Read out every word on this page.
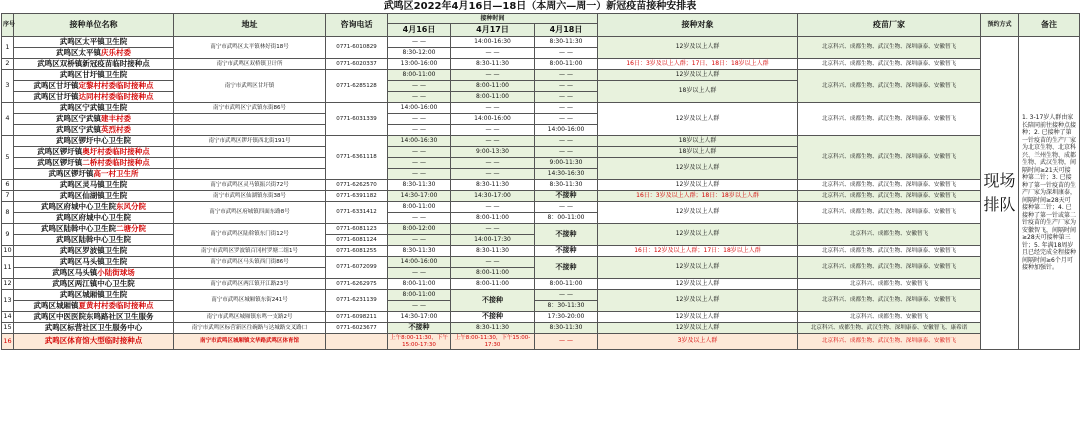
武鸣区2022年4月16日—18日（本周六—周一）新冠疫苗接种安排表
序号	接种单位名称	地址	咨询电话	接种时间			接种对象	疫苗厂家	预约方式	备注
				4月16日	4月17日	4月18日				
1	武鸣区太平镇卫生院	南宁市武鸣区太平镇林好街18号	0771-6010829	— —	14:00-16:30	8:30-11:30	12岁及以上人群	北京科兴、成都生物、武汉生物、深圳康泰、安徽智飞	现场排队	1. 3-17岁人群由家长陪同前往接种点接种；2. 已接种了第一针疫苗的生产厂家为北京生物、北京科兴、兰州生物、成都生物、武汉生物，间隔时间≥21天可接种第二针；3. 已接种了第一针疫苗的生产厂家为深圳康泰，间隔时间≥28天可接种第二针；4. 已接种了第一针或第二针疫苗的生产厂家为安徽智飞，间隔时间≥28天可接种第三针；5. 年满18周岁且已经完成全程接种间隔时间≥6个月可接种加强针。
	武鸣区太平镇庆乐村委			8:30-12:00	— —	— —				
2	武鸣区双桥镇新冠疫苗临时接种点	南宁市武鸣区双桥镇卫计所	0771-6020337	13:00-16:00	8:30-11:30	8:00-11:00	16日：3岁及以上人群；17日、18日：18岁以上人群	北京科兴、成都生物、武汉生物、深圳康泰、安徽智飞		
3	武鸣区甘圩镇卫生院	南宁市武鸣区甘圩镇	0771-6285128	8:00-11:00	— —	— —	12岁及以上人群	北京科兴、成都生物、武汉生物、深圳康泰、安徽智飞		
	武鸣区甘圩镇定黎村村委临时接种点			— —	8:00-11:00	— —	18岁以上人群			
	武鸣区甘圩镇达同村村委临时接种点			— —	8:00-11:00	— —				
4	武鸣区宁武镇卫生院	南宁市武鸣区宁武镇东街86号	0771-6031339	14:00-16:00	— —	— —	12岁及以上人群	北京科兴、成都生物、武汉生物、深圳康泰、安徽智飞		
	武鸣区宁武镇建丰村委			— —	14:00-16:00	— —				
	武鸣区宁武镇英烈村委			— —	— —	14:00-16:00				
5	武鸣区锣圩中心卫生院	南宁市武鸣区锣圩镇西北街191号	0771-6361118	14:00-16:30	— —	— —	18岁以上人群	北京科兴、成都生物、武汉生物、深圳康泰、安徽智飞		
	武鸣区锣圩镇奥圩村委临时接种点			— —	9:00-13:30	— —	18岁以上人群			
	武鸣区锣圩镇二桥村委临时接种点			— —	— —	9:00-11:30	12岁及以上人群			
	武鸣区锣圩镇高一村卫生所			— —	— —	14:30-16:30				
6	武鸣区灵马镇卫生院	南宁市武鸣区灵马镇振兴街72号	0771-6262570	8:30-11:30	8:30-11:30	8:30-11:30	12岁及以上人群	北京科兴、成都生物、武汉生物、深圳康泰、安徽智飞		
7	武鸣区仙湖镇卫生院	南宁市武鸣区仙湖镇东街38号	0771-6391182	14:30-17:00	14:30-17:00	不接种	16日：3岁及以上人群；18日：18岁以上人群	北京科兴、成都生物、武汉生物、深圳康泰、安徽智飞		
8	武鸣区府城中心卫生院东风分院	南宁市武鸣区府城镇四面东路8号	0771-6331412	8:00-11:00	— —	— —	12岁及以上人群	北京科兴、成都生物、武汉生物、深圳康泰、安徽智飞		
	武鸣区府城中心卫生院			— —	8:00-11:00	8：00-11:00				
9	武鸣区陆斡中心卫生院二塘分院	南宁市武鸣区陆斡镇东门街12号	0771-6081123	8:00-12:00	— —	不接种	12岁及以上人群	北京科兴、成都生物、安徽智飞		
	武鸣区陆斡中心卫生院		0771-6081124	— —	14:00-17:30					
10	武鸣区罗波镇卫生院	南宁市武鸣区罗波镇百冈村罗塘二组1号	0771-6081255	8:30-11:30	8:30-11:30	不接种	16日：12岁及以上人群；17日：18岁以上人群	北京科兴、成都生物、武汉生物、深圳康泰、安徽智飞		
11	武鸣区马头镇卫生院	南宁市武鸣区马头镇西门街86号	0771-6072099	14:00-16:00	— —	不接种	12岁及以上人群	北京科兴、成都生物、武汉生物、深圳康泰、安徽智飞		
	武鸣区马头镇小陆街球场			— —	8:00-11:00					
12	武鸣区两江镇中心卫生院	南宁市武鸣区两江镇开江路23号	0771-6262975	8:00-11:00	8:00-11:00	8:00-11:00	12岁及以上人群	北京科兴、成都生物、安徽智飞		
13	武鸣区城厢镇卫生院	南宁市武鸣区城厢镇东街241号	0771-6231139	8:00-11:00	不接种	— —	12岁及以上人群	北京科兴、成都生物、武汉生物、深圳康泰、安徽智飞		
	武鸣区城厢镇夏黄村村委临时接种点			— —		8：30-11:30				
14	武鸣区中医医院东鸣路社区卫生服务	南宁市武鸣区城厢镇东鸣一支路2号	0771-6098211	14:30-17:00	不接种	17:30-20:00	12岁及以上人群	北京科兴、成都生物、安徽智飞		
15	武鸣区标营社区卫生服务中心	南宁市武鸣区标营新区往碗路与达城路交叉路口	0771-6023677	不接种	8:30-11:30	8:30-11:30	12岁及以上人群	北京科兴、成都生物、武汉生物、深圳康泰、安徽智飞、康希诺		
16	武鸣区体育馆大型临时接种点	南宁市武鸣区城厢镇文华路武鸣区体育馆		上午8:00-11:30，下午15:00-17:30	上午8:00-11:30，下午15:00-17:30	— —	3岁及以上人群	北京科兴、成都生物、武汉生物、深圳康泰、安徽智飞		
